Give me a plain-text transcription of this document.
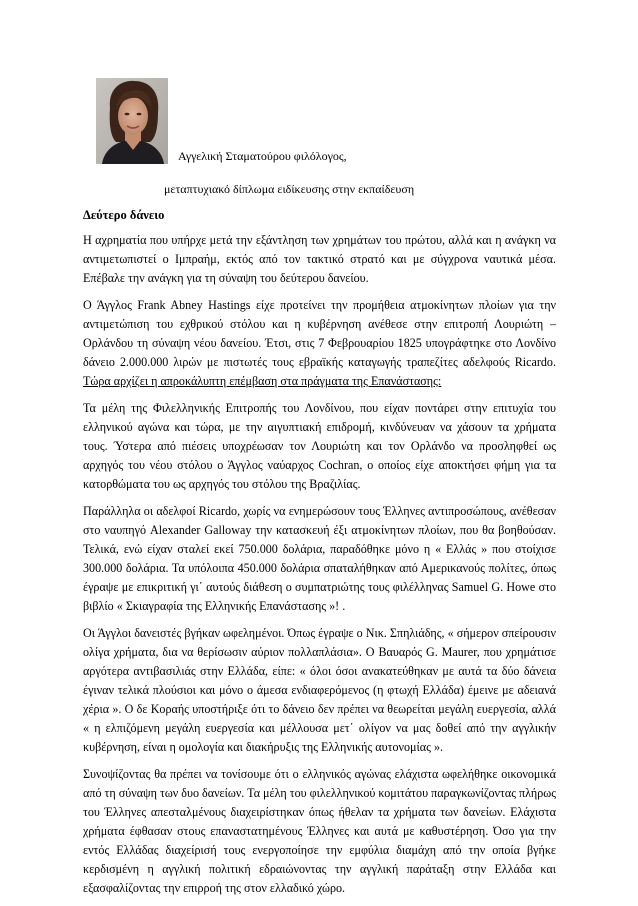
Αγγελική Σταματούρου φιλόλογος,
μεταπτυχιακό δίπλωμα ειδίκευσης στην εκπαίδευση
Δεύτερο δάνειο

Η αχρηματία που υπήρχε μετά την εξάντληση των χρημάτων του πρώτου, αλλά και η ανάγκη να αντιμετωπιστεί ο Ιμπραήμ, εκτός από τον τακτικό στρατό και με σύγχρονα ναυτικά μέσα. Επέβαλε την ανάγκη για τη σύναψη του δεύτερου δανείου.

Ο Άγγλος Frank Abney Hastings είχε προτείνει την προμήθεια ατμοκίνητων πλοίων για την αντιμετώπιση του εχθρικού στόλου και η κυβέρνηση ανέθεσε στην επιτροπή Λουριώτη – Ορλάνδου τη σύναψη νέου δανείου. Έτσι, στις 7 Φεβρουαρίου 1825 υπογράφτηκε στο Λονδίνο δάνειο 2.000.000 λιρών με πιστωτές τους εβραϊκής καταγωγής τραπεζίτες αδελφούς Ricardo. Τώρα αρχίζει η απροκάλυπτη επέμβαση στα πράγματα της Επανάστασης:

Τα μέλη της Φιλελληνικής Επιτροπής του Λονδίνου, που είχαν ποντάρει στην επιτυχία του ελληνικού αγώνα και τώρα, με την αιγυπτιακή επιδρομή, κινδύνευαν να χάσουν τα χρήματα τους. Ύστερα από πιέσεις υποχρέωσαν τον Λουριώτη και τον Ορλάνδο να προσληφθεί ως αρχηγός του νέου στόλου ο Άγγλος ναύαρχος Cochran, ο οποίος είχε αποκτήσει φήμη για τα κατορθώματα του ως αρχηγός του στόλου της Βραζιλίας.

Παράλληλα οι αδελφοί Ricardo, χωρίς να ενημερώσουν τους Έλληνες αντιπροσώπους, ανέθεσαν στο ναυπηγό Alexander Galloway την κατασκευή έξι ατμοκίνητων πλοίων, που θα βοηθούσαν. Τελικά, ενώ είχαν σταλεί εκεί 750.000 δολάρια, παραδόθηκε μόνο η « Ελλάς » που στοίχισε 300.000 δολάρια. Τα υπόλοιπα 450.000 δολάρια σπαταλήθηκαν από Αμερικανούς πολίτες, όπως έγραψε με επικριτική γι΄ αυτούς διάθεση ο συμπατριώτης τους φιλέλληνας Samuel G. Howe στο βιβλίο « Σκιαγραφία της Ελληνικής Επανάστασης »! .

Οι Άγγλοι δανειστές βγήκαν ωφελημένοι. Όπως έγραψε ο Νικ. Σπηλιάδης, « σήμερον σπείρουσιν ολίγα χρήματα, δια να θερίσωσιν αύριον πολλαπλάσια». Ο Βαυαρός G. Maurer, που χρημάτισε αργότερα αντιβασιλιάς στην Ελλάδα, είπε: « όλοι όσοι ανακατεύθηκαν με αυτά τα δύο δάνεια έγιναν τελικά πλούσιοι και μόνο ο άμεσα ενδιαφερόμενος (η φτωχή Ελλάδα) έμεινε με αδειανά χέρια ». Ο δε Κοραής υποστήριξε ότι το δάνειο δεν πρέπει να θεωρείται μεγάλη ευεργεσία, αλλά « η ελπιζόμενη μεγάλη ευεργεσία και μέλλουσα μετ΄ ολίγον να μας δοθεί από την αγγλικήν κυβέρνηση, είναι η ομολογία και διακήρυξις της Ελληνικής αυτονομίας ».

Συνοψίζοντας θα πρέπει να τονίσουμε ότι ο ελληνικός αγώνας ελάχιστα ωφελήθηκε οικονομικά από τη σύναψη των δυο δανείων. Τα μέλη του φιλελληνικού κομιτάτου παραγκωνίζοντας πλήρως του Έλληνες απεσταλμένους διαχειρίστηκαν όπως ήθελαν τα χρήματα των δανείων. Ελάχιστα χρήματα έφθασαν στους επαναστατημένους Έλληνες και αυτά με καθυστέρηση. Όσο για την εντός Ελλάδας διαχείρισή τους ενεργοποίησε την εμφύλια διαμάχη από την οποία βγήκε κερδισμένη η αγγλική πολιτική εδραιώνοντας την αγγλική παράταξη στην Ελλάδα και εξασφαλίζοντας την επιρροή της στον ελλαδικό χώρο.
